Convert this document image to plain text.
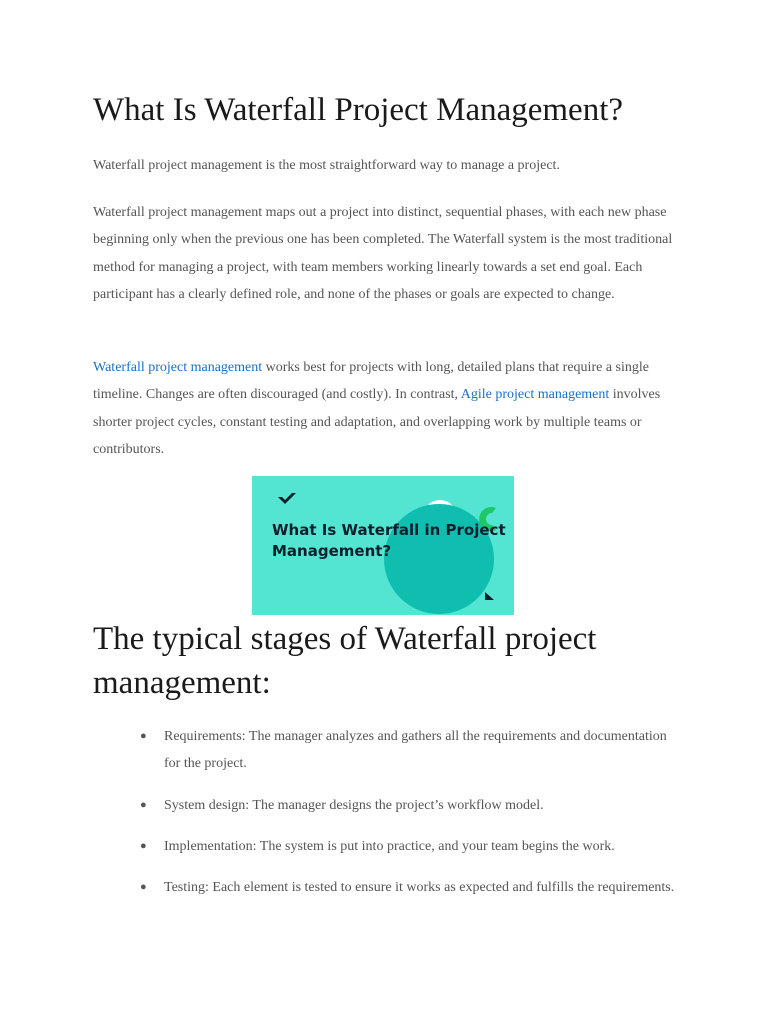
What Is Waterfall Project Management?

Waterfall project management is the most straightforward way to manage a project.

Waterfall project management maps out a project into distinct, sequential phases, with each new phase beginning only when the previous one has been completed. The Waterfall system is the most traditional method for managing a project, with team members working linearly towards a set end goal. Each participant has a clearly defined role, and none of the phases or goals are expected to change.

Waterfall project management works best for projects with long, detailed plans that require a single timeline. Changes are often discouraged (and costly). In contrast, Agile project management involves shorter project cycles, constant testing and adaptation, and overlapping work by multiple teams or contributors.

What Is Waterfall in Project Management?
The typical stages of Waterfall project management:
● Requirements: The manager analyzes and gathers all the requirements and documentation for the project.
● System design: The manager designs the project’s workflow model.
● Implementation: The system is put into practice, and your team begins the work.
● Testing: Each element is tested to ensure it works as expected and fulfills the requirements.
